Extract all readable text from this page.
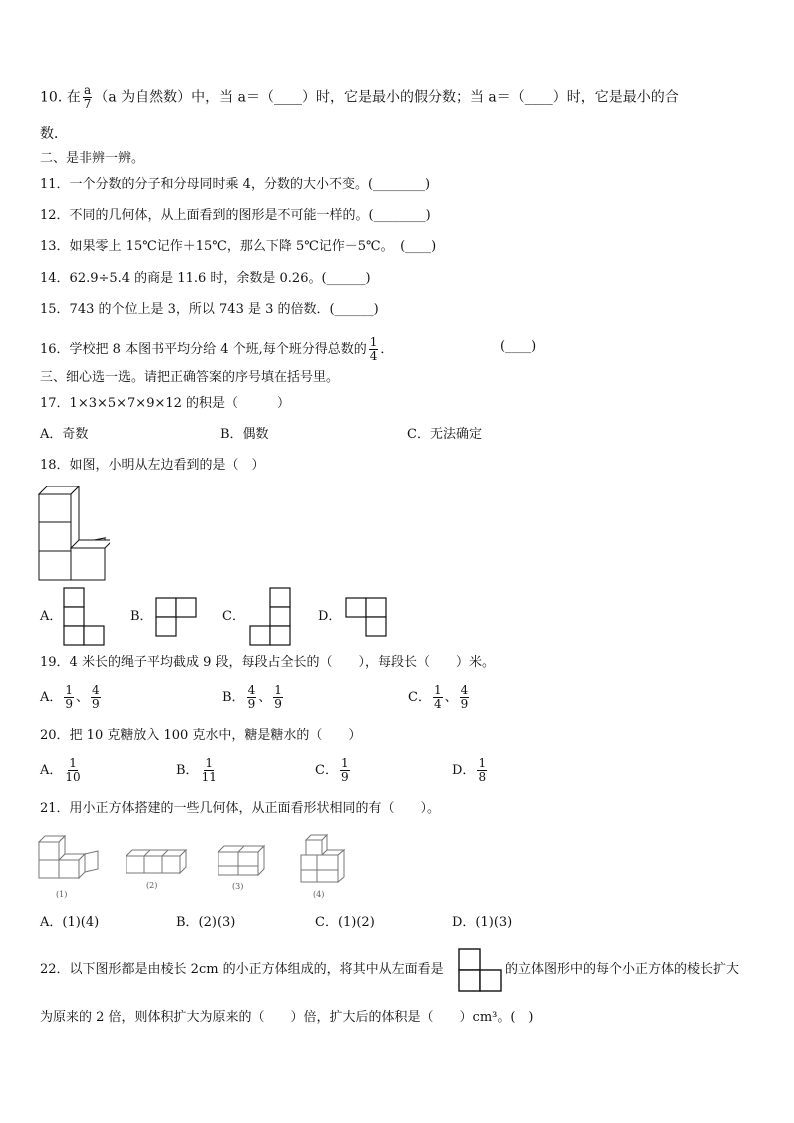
10. 在 $\frac{a}{7} (a$ 为自然数）中，当 a＝（____）时，它是最小的假分数；当 a＝（____）时，它是最小的合
数．
二、是非辨一辨。
11．一个分数的分子和分母同时乘 4，分数的大小不变。(________)
12．不同的几何体，从上面看到的图形是不可能一样的。(________)
13．如果零上 15℃记作＋15℃，那么下降 5℃记作－5℃。　(____)
14．62.9÷5.4 的商是 11.6 时，余数是 0.26。(______)
15．743 的个位上是 3，所以 743 是 3 的倍数．(______)
16．学校把 8 本图书平均分给 4 个班,每个班分得总数的 $\frac{1}{4}$ ．	(____)
三、细心选一选。请把正确答案的序号填在括号里。
17．1×3×5×7×9×12 的积是（　　　）
A．奇数	B．偶数	C．无法确定
18．如图，小明从左边看到的是（　）
A．	B．	C．	D．
19．4 米长的绳子平均截成 9 段，每段占全长的（　　），每段长（　　）米。
A． $\frac{1}{9}$ 、 $\frac{4}{9}$	B． $\frac{4}{9}$ 、 $\frac{1}{9}$	C． $\frac{1}{4}$ 、 $\frac{4}{9}$
20．把 10 克糖放入 100 克水中，糖是糖水的（　　）
A． $\frac{1}{10}$	B． $\frac{1}{11}$	C． $\frac{1}{9}$	D． $\frac{1}{8}$
21．用小正方体搭建的一些几何体，从正面看形状相同的有（　　）。
(1)
(2)	(3)
(4)
A．(1)(4)	B．(2)(3)	C．(1)(2)	D．(1)(3)
22．以下图形都是由棱长 2cm 的小正方体组成的，将其中从左面看是	的立体图形中的每个小正方体的棱长扩大
为原来的 2 倍，则体积扩大为原来的（　　）倍，扩大后的体积是（　　）cm³。(　)
